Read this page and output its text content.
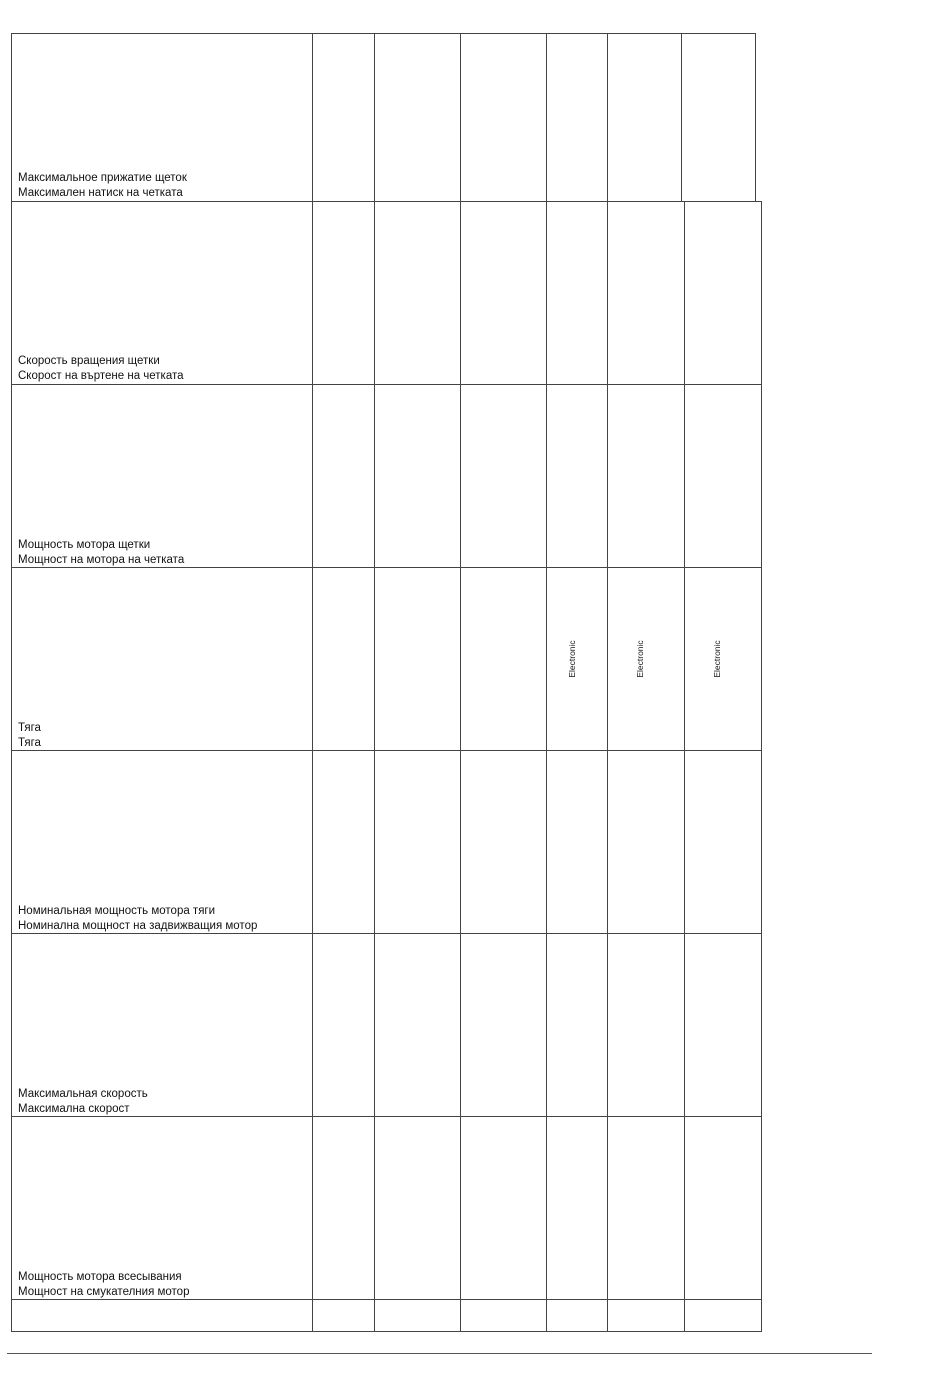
Максимальное прижатие щеток
Максимален натиск на четката
Скорость вращения щетки
Скорост на въртене на четката
Мощность мотора щетки
Мощност на мотора на четката
Тяга
Тяга
Номинальная мощность мотора тяги
Номинална мощност на задвижващия мотор
Максимальная скорость
Максимална скорост
Мощность мотора всесывания
Мощност на смукателния мотор
Electronic	Electronic	Electronic
